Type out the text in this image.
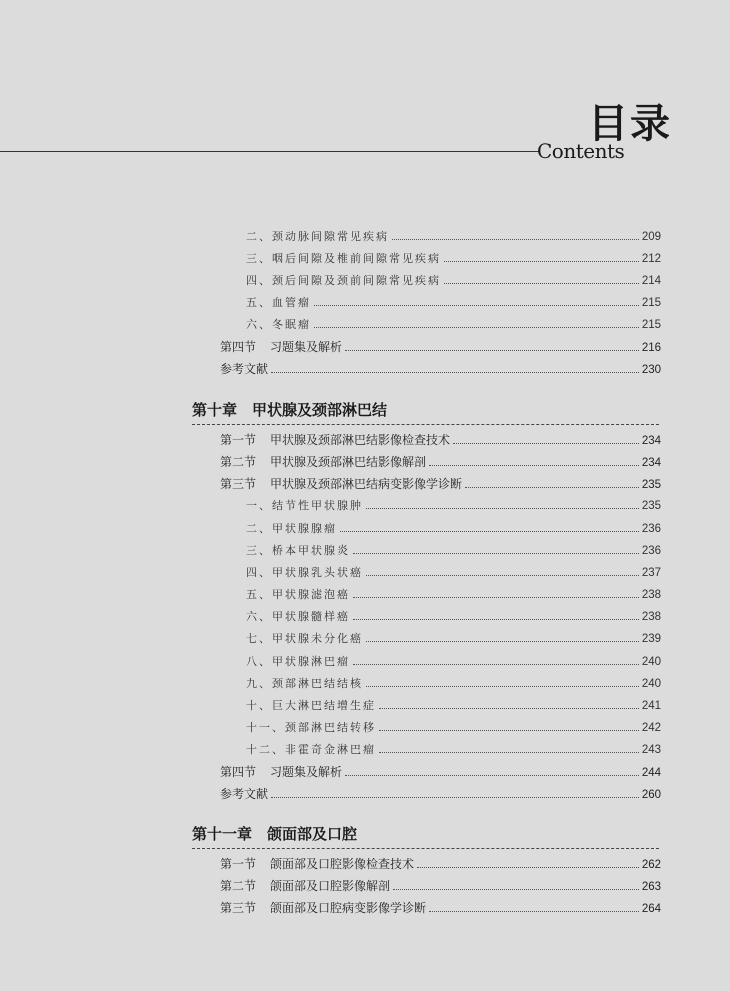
目录
Contents
二、颈动脉间隙常见疾病	209
三、咽后间隙及椎前间隙常见疾病	212
四、颈后间隙及颈前间隙常见疾病	214
五、血管瘤	215
六、冬眠瘤	215
第四节	习题集及解析	216
参考文献	230
第十章　甲状腺及颈部淋巴结
第一节	甲状腺及颈部淋巴结影像检查技术	234
第二节	甲状腺及颈部淋巴结影像解剖	234
第三节	甲状腺及颈部淋巴结病变影像学诊断	235
一、结节性甲状腺肿	235
二、甲状腺腺瘤	236
三、桥本甲状腺炎	236
四、甲状腺乳头状癌	237
五、甲状腺滤泡癌	238
六、甲状腺髓样癌	238
七、甲状腺未分化癌	239
八、甲状腺淋巴瘤	240
九、颈部淋巴结结核	240
十、巨大淋巴结增生症	241
十一、颈部淋巴结转移	242
十二、非霍奇金淋巴瘤	243
第四节	习题集及解析	244
参考文献	260
第十一章　颌面部及口腔
第一节	颌面部及口腔影像检查技术	262
第二节	颌面部及口腔影像解剖	263
第三节	颌面部及口腔病变影像学诊断	264
